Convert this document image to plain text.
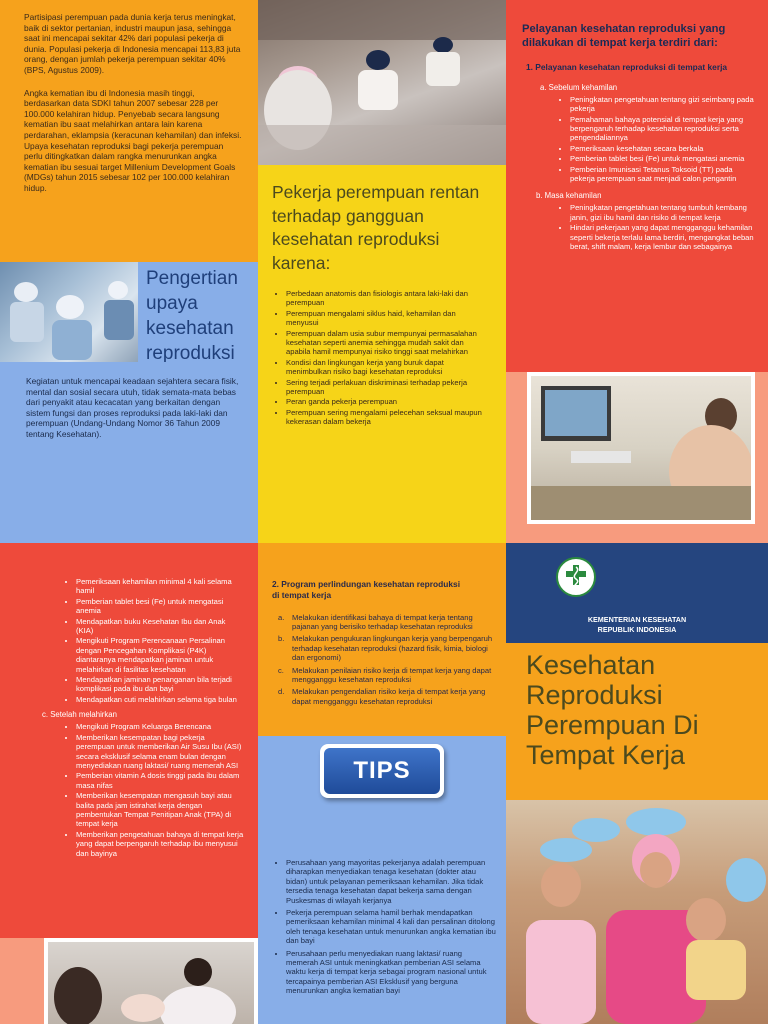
Partisipasi perempuan pada dunia kerja terus meningkat, baik di sektor pertanian, industri maupun jasa, sehingga saat ini mencapai sekitar 42% dari populasi pekerja di dunia. Populasi pekerja di Indonesia mencapai 113,83 juta orang, dengan jumlah pekerja perempuan sekitar 40% (BPS, Agustus 2009).

Angka kematian ibu di Indonesia masih tinggi, berdasarkan data SDKI tahun 2007 sebesar 228 per 100.000 kelahiran hidup. Penyebab secara langsung kematian ibu saat melahirkan antara lain karena perdarahan, eklampsia (keracunan kehamilan) dan infeksi. Upaya kesehatan reproduksi bagi pekerja perempuan perlu ditingkatkan dalam rangka menurunkan angka kematian ibu sesuai target Millenium Development Goals (MDGs) tahun 2015 sebesar 102 per 100.000 kelahiran hidup.	Pekerja perempuan rentan terhadap gangguan kesehatan reproduksi karena:
• Perbedaan anatomis dan fisiologis antara laki-laki dan perempuan
• Perempuan mengalami siklus haid, kehamilan dan menyusui
• Perempuan dalam usia subur mempunyai permasalahan kesehatan seperti anemia sehingga mudah sakit dan apabila hamil mempunyai risiko tinggi saat melahirkan
• Kondisi dan lingkungan kerja yang buruk dapat menimbulkan risiko bagi kesehatan reproduksi
• Sering terjadi perlakuan diskriminasi terhadap pekerja perempuan
• Peran ganda pekerja perempuan
• Perempuan sering mengalami pelecehan seksual maupun kekerasan dalam bekerja
Pelayanan kesehatan reproduksi yang dilakukan di tempat kerja terdiri dari:
1. Pelayanan kesehatan reproduksi di tempat kerja
a. Sebelum kehamilan
• Peningkatan pengetahuan tentang gizi seimbang pada pekerja
• Pemahaman bahaya potensial di tempat kerja yang berpengaruh terhadap kesehatan reproduksi serta pengendaliannya
• Pemeriksaan kesehatan secara berkala
• Pemberian tablet besi (Fe) untuk mengatasi anemia
• Pemberian Imunisasi Tetanus Toksoid (TT) pada pekerja perempuan saat menjadi calon pengantin
b. Masa kehamilan
• Peningkatan pengetahuan tentang tumbuh kembang janin, gizi ibu hamil dan risiko di tempat kerja
• Hindari pekerjaan yang dapat mengganggu kehamilan seperti bekerja terlalu lama berdiri, mengangkat beban berat, shift malam, kerja lembur dan sebagainya
Pengertian
upaya
kesehatan
reproduksi

Kegiatan untuk mencapai keadaan sejahtera secara fisik, mental dan sosial secara utuh, tidak semata-mata bebas dari penyakit atau kecacatan yang berkaitan dengan sistem fungsi dan proses reproduksi pada laki-laki dan perempuan (Undang-Undang Nomor 36 Tahun 2009 tentang Kesehatan).

• Pemeriksaan kehamilan minimal 4 kali selama hamil
• Pemberian tablet besi (Fe) untuk mengatasi anemia
• Mendapatkan buku Kesehatan Ibu dan Anak (KIA)
• Mengikuti Program Perencanaan Persalinan dengan Pencegahan Komplikasi (P4K) diantaranya mendapatkan jaminan untuk melahirkan di fasilitas kesehatan
• Mendapatkan jaminan penanganan bila terjadi komplikasi pada ibu dan bayi
• Mendapatkan cuti melahirkan selama tiga bulan
c. Setelah melahirkan
• Mengikuti Program Keluarga Berencana
• Memberikan kesempatan bagi pekerja perempuan untuk memberikan Air Susu Ibu (ASI) secara eksklusif selama enam bulan dengan menyediakan ruang laktasi/ ruang memerah ASI
• Pemberian vitamin A dosis tinggi pada ibu dalam masa nifas
• Memberikan kesempatan mengasuh bayi atau balita pada jam istirahat kerja dengan pembentukan Tempat Penitipan Anak (TPA) di tempat kerja
• Memberikan pengetahuan bahaya di tempat kerja yang dapat berpengaruh terhadap ibu menyusui dan bayinya
2. Program perlindungan kesehatan reproduksi di tempat kerja
a.	Melakukan identifikasi bahaya di tempat kerja tentang pajanan yang berisiko terhadap kesehatan reproduksi
b.	Melakukan pengukuran lingkungan kerja yang berpengaruh terhadap kesehatan reproduksi (hazard fisik, kimia, biologi dan ergonomi)
c.	Melakukan penilaian risiko kerja di tempat kerja yang dapat mengganggu kesehatan reproduksi
d.	Melakukan pengendalian risiko kerja di tempat kerja yang dapat mengganggu kesehatan reproduksi
TIPS
• Perusahaan yang mayoritas pekerjanya adalah perempuan diharapkan menyediakan tenaga kesehatan (dokter atau bidan) untuk pelayanan pemeriksaan kehamilan. Jika tidak tersedia tenaga kesehatan dapat bekerja sama dengan Puskesmas di wilayah kerjanya
• Pekerja perempuan selama hamil berhak mendapatkan pemeriksaan kehamilan minimal 4 kali dan persalinan ditolong oleh tenaga kesehatan untuk menurunkan angka kematian ibu dan bayi
• Perusahaan perlu menyediakan ruang laktasi/ ruang memerah ASI untuk meningkatkan pemberian ASI selama waktu kerja di tempat kerja sebagai program nasional untuk tercapainya pemberian ASI Eksklusif yang berguna menurunkan angka kematian bayi
KEMENTERIAN KESEHATAN
REPUBLIK INDONESIA
Kesehatan
Reproduksi
Perempuan Di
Tempat Kerja
